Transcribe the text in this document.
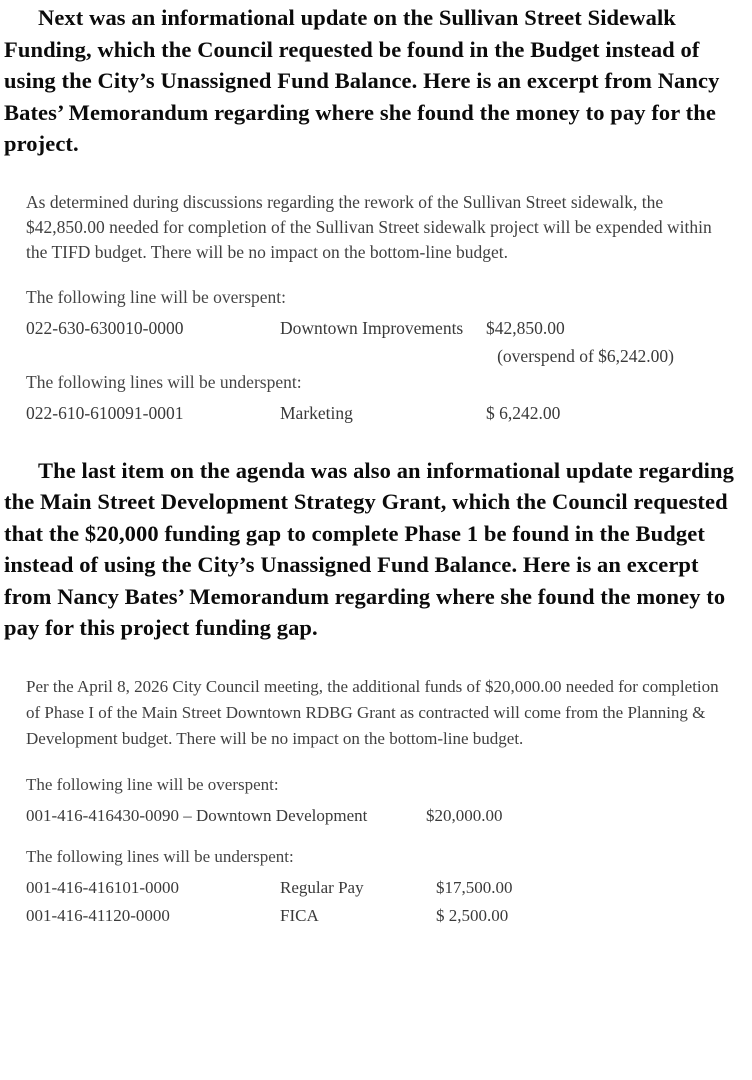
Next was an informational update on the Sullivan Street Sidewalk Funding, which the Council requested be found in the Budget instead of using the City’s Unassigned Fund Balance. Here is an excerpt from Nancy Bates’ Memorandum regarding where she found the money to pay for the project.

As determined during discussions regarding the rework of the Sullivan Street sidewalk, the $42,850.00 needed for completion of the Sullivan Street sidewalk project will be expended within the TIFD budget. There will be no impact on the bottom-line budget.

The following line will be overspent:

022-630-630010-0000	Downtown Improvements	$42,850.00
(overspend of $6,242.00)

The following lines will be underspent:

022-610-610091-0001	Marketing	$ 6,242.00

The last item on the agenda was also an informational update regarding the Main Street Development Strategy Grant, which the Council requested that the $20,000 funding gap to complete Phase 1 be found in the Budget instead of using the City’s Unassigned Fund Balance. Here is an excerpt from Nancy Bates’ Memorandum regarding where she found the money to pay for this project funding gap.

Per the April 8, 2026 City Council meeting, the additional funds of $20,000.00 needed for completion of Phase I of the Main Street Downtown RDBG Grant as contracted will come from the Planning & Development budget. There will be no impact on the bottom-line budget.

The following line will be overspent:

001-416-416430-0090 – Downtown Development	$20,000.00

The following lines will be underspent:

001-416-416101-0000	Regular Pay	$17,500.00
001-416-41120-0000	FICA	$ 2,500.00
